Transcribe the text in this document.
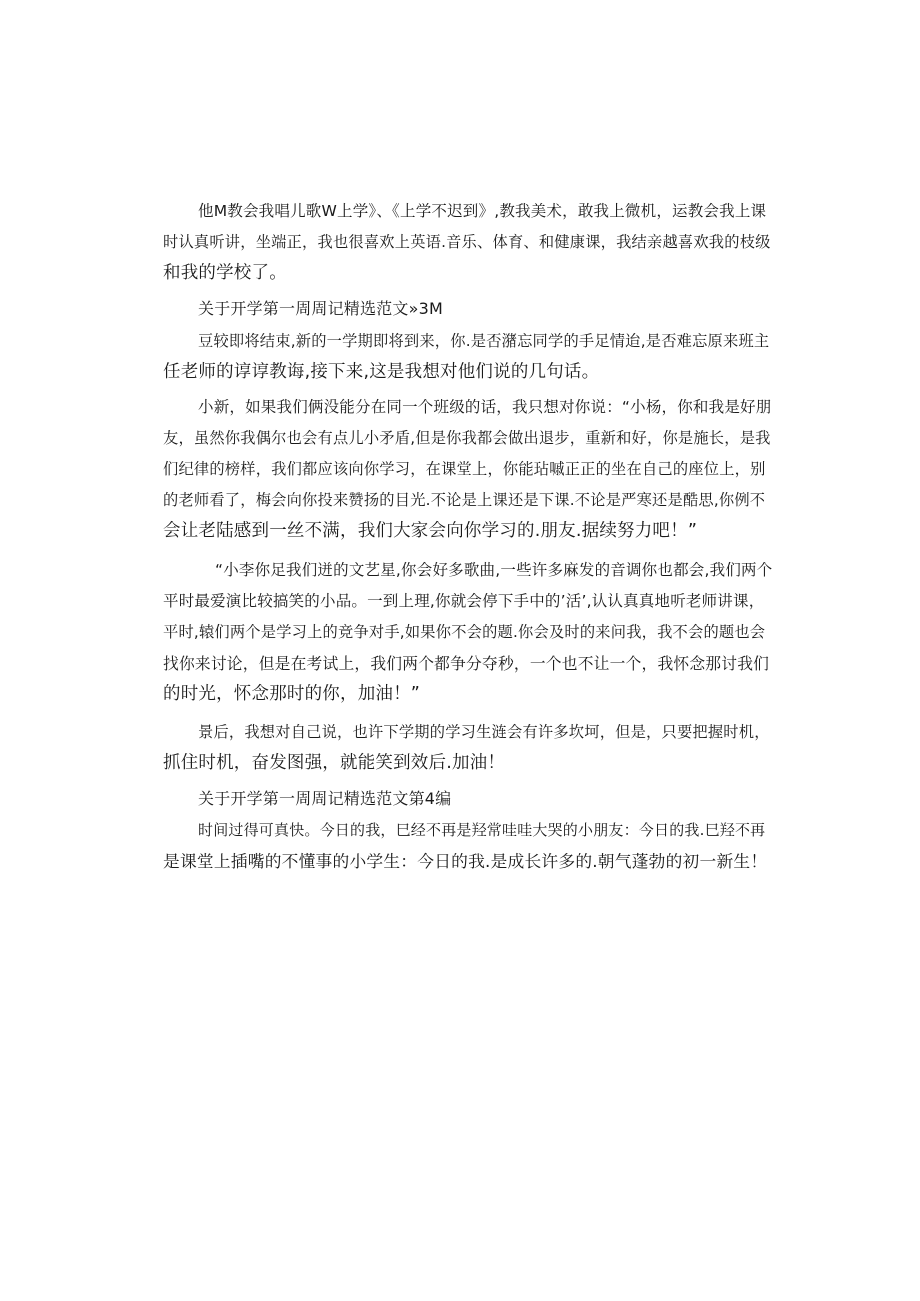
他M教会我唱儿歌W上学》、《上学不迟到》,教我美术，敢我上微机，运教会我上课
时认真听讲，坐端正，我也很喜欢上英语.音乐、体育、和健康课，我结亲越喜欢我的枝级
和我的学校了。
关于开学第一周周记精选范文»3M
豆较即将结束,新的一学期即将到来，你.是否潴忘同学的手足情迨,是否难忘原来班主
任老师的谆谆教诲,接下来,这是我想对他们说的几句话。
小新，如果我们俩没能分在同一个班级的话，我只想对你说：“小杨，你和我是好朋
友，虽然你我偶尔也会有点儿小矛盾,但是你我都会做出退步，重新和好，你是施长，是我
们纪律的榜样，我们都应该向你学习，在课堂上，你能玷嘁正正的坐在自己的座位上，别
的老师看了，梅会向你投来赞扬的目光.不论是上课还是下课.不论是严寒还是酷思,你例不
会让老陆感到一丝不满，我们大家会向你学习的.朋友.据续努力吧！”
“小李你足我们迸的文艺星,你会好多歌曲,一些许多麻发的音调你也都会,我们两个
平时最爱演比较搞笑的小品。一到上理,你就会停下手中的’活’,认认真真地听老师讲课，
平时,辕们两个是学习上的竞争对手,如果你不会的题.你会及时的来问我，我不会的题也会
找你来讨论，但是在考试上，我们两个都争分夺秒，一个也不让一个，我怀念那讨我们
的时光，怀念那时的你，加油！”
景后，我想对自己说，也许下学期的学习生涟会有许多坎坷，但是，只要把握时机，
抓住时机，奋发图强，就能笑到效后.加油！
关于开学第一周周记精选范文第4编
时间过得可真快。今日的我，巳经不再是羟常哇哇大哭的小朋友：今日的我.巳羟不再
是课堂上插嘴的不懂事的小学生：今日的我.是成长许多的.朝气蓬勃的初一新生！
